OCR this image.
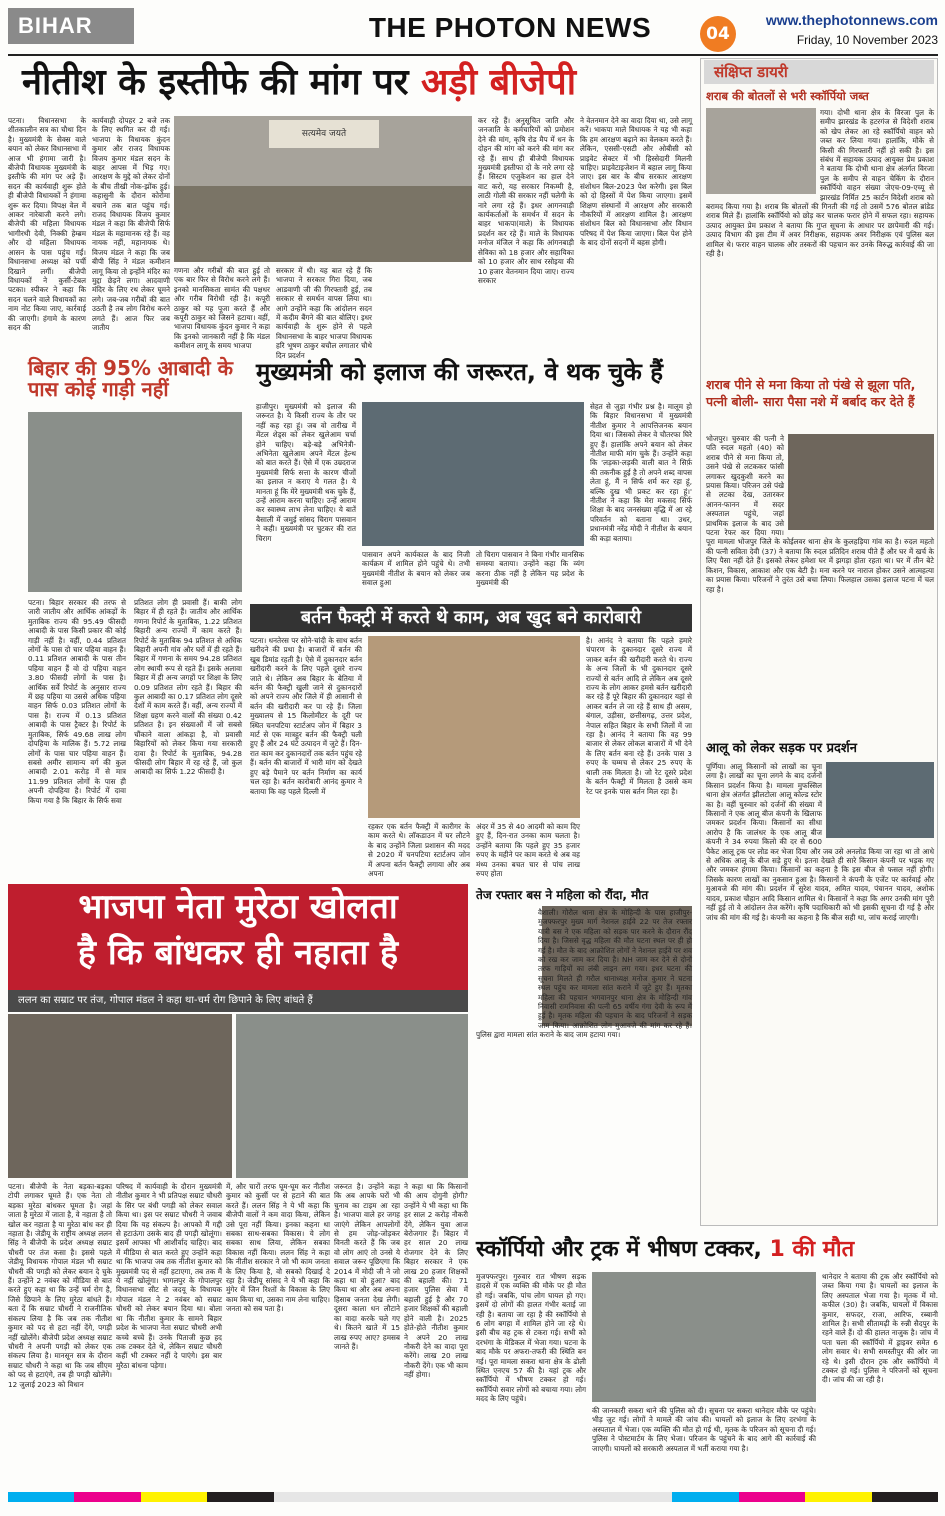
BIHAR	THE PHOTON NEWS	04
www.thephotonnews.com
Friday, 10 November 2023
नीतीश के इस्तीफे की मांग पर अड़ी बीजेपी
पटना। विधानसभा के शीतकालीन सत्र का चौथा दिन है। मुख्यमंत्री के सेक्स वाले बयान को लेकर विधानसभा में आज भी हंगामा जारी है। बीजेपी विधायक मुख्यमंत्री के इस्तीफे की मांग पर अड़े हैं। सदन की कार्यवाही शुरू होते ही बीजेपी विधायकों ने हंगामा शुरू कर दिया। विपक्ष वेल में आकर नारेबाजी करने लगे। बीजेपी की महिला विधायक भागीरथी देवी, निक्की हेम्ब्रम और दो महिला विधायक आसन के पास पहुंच गईं। विधानसभा अध्यक्ष को पर्ची दिखाने लगीं। बीजेपी विधायकों ने कुर्सी-टेबल पटका। स्पीकर ने कहा कि सदन चलने वाले विधायकों का नाम नोट किया जाए, कार्रवाई की जाएगी। हंगामे के कारण सदन की
कार्यवाही दोपहर 2 बजे तक के लिए स्थगित कर दी गई। भाजपा के विधायक कुंदन कुमार और राजद विधायक विजय कुमार मंडल सदन के बाहर आपस में भिड़ गए। आरक्षण के मुद्दे को लेकर दोनों के बीच तीखी नोक-झोंक हुई। कहासुनी के दौरान कोरोमा बचाने तक बात पहुंच गई। राजद विधायक विजय कुमार मंडल ने कहा कि बीजेपी सिर्फ मंडल के महामानक रहे हैं। वह नायक नहीं, महानायक थे। विजय मंडल ने कहा कि जब बीपी सिंह ने मंडल कमीशन लागू किया तो इन्होंने मंदिर का मुद्दा छेड़ने लगा। आदवाणी मंदिर के लिए रथ लेकर घूमने लगे। जब-जब गरीबों की बात उठती है तब लोग विरोध करने लगते हैं। आज फिर जब जातीय
सत्यमेव जयते
गणना और गरीबों की बात हुई तो एक बार फिर से विरोध करने लगे हैं। इनको मानसिकता सामंत की पक्षधर और गरीब विरोधी रही है। कपूरी ठाकुर को यह पूजा करते हैं और कपूरी ठाकुर को जिसने हटाया। वहीं, भाजपा विधायक कुंदन कुमार ने कहा कि इनको जानकारी नहीं है कि मंडल कमीशन लागू के समय भाजपा
सरकार में थी। यह बात रहे हैं कि भाजपा ने सरकार गिरा दिया, जब आडवाणी जी की गिरफ्तारी हुई, तब सरकार से समर्थन वापस लिया था। आगे उन्होंने कहा कि आंदोलन सदन में कदीम बैंगने की बात बोलिए। इधर कार्यवाही के शुरू होने से पहले विधानसभा के बाहर भाजपा विधायक हरि भूषण ठाकुर बचौल लगातार चौथे दिन प्रदर्शन
कर रहे हैं। अनुसूचित जाति और जनजाति के कर्मचारियों को प्रमोशन देने की मांग, कृषि रोड मैप में धन के दोहन की मांग को करने की मांग कर रहे हैं। साथ ही बीजेपी विधायक मुख्यमंत्री इस्तीफा दो के नारे लगा रहे हैं। सिस्टम एजुकेशन का हाल देने वाट करो, यह सरकार निकम्मी है, लाठी गोली की सरकार नहीं चलेगी के नारे लगा रहे हैं। इधर आगनवाड़ी कार्यकर्ताओं के समर्थन में सदन के बाहर भाकपा(माले) के विधायक प्रदर्शन कर रहे हैं। माले के विधायक मनोज मंजिल ने कहा कि आंगनबाड़ी सेविका को 18 हजार और सहायिका को 10 हजार और साथ रसोइया की 10 हजार वेतनमान दिया जाए। राज्य सरकार
ने वेतनमान देने का वादा दिया था, उसे लागू करें। भाकपा माले विधायक ने यह भी कहा कि हम आरक्षण बढ़ाने का वेलकम करते हैं। लेकिन, एससी-एसटी और ओबीसी को प्राइवेट सेक्टर में भी हिस्सेदारी मिलनी चाहिए। प्राइवेटाइजेशन में बहाल लागू किया जाए। इस बार के बीच सरकार आरक्षण संशोधन बिल-2023 पेश करेगी। इस बिल को दो हिस्सों में पेश किया जाएगा। इसमें शिक्षण संस्थानों में आरक्षण और सरकारी नौकरियों में आरक्षण शामिल है। आरक्षण संशोधन बिल को विधानसभा और विधान परिषद में पेश किया जाएगा। बिल पेश होने के बाद दोनों सदनों में बहस होगी।
बिहार की 95% आबादी के पास कोई गाड़ी नहीं
पटना। बिहार सरकार की तरफ से जारी जातीय और आर्थिक आंकड़ों के मुताबिक राज्य की 95.49 फीसदी आबादी के पास किसी प्रकार की कोई गाड़ी नहीं है। वहीं, 0.44 प्रतिशत लोगों के पास दो चार पहिया वाहन हैं। 0.11 प्रतिशत आबादी के पास तीन पहिया वाहन हैं वो दो पहिया वाहन 3.80 फीसदी लोगों के पास है। आर्थिक सर्वे रिपोर्ट के अनुसार राज्य में छह पहिया या उससे अधिक पहिया वाहन सिर्फ 0.03 प्रतिशत लोगों के पास है। राज्य में 0.13 प्रतिशत आबादी के पास ट्रैक्टर है। रिपोर्ट के मुताबिक, सिर्फ 49.68 लाख लोग दोपहिया के मालिक हैं। 5.72 लाख लोगों के पास चार पहिया वाहन हैं। सबसे अमीर सामान्य वर्ग की कुल आबादी 2.01 करोड़ में से मात्र 11.99 प्रतिशत लोगों के पास ही अपनी दोपहिया है। रिपोर्ट में दावा किया गया है कि बिहार के सिर्फ सवा
प्रतिशत लोग ही प्रवासी हैं। बाकी लोग बिहार में ही रहते हैं। जातीय और आर्थिक गणना रिपोर्ट के मुताबिक, 1.22 प्रतिशत बिहारी अन्य राज्यों में काम करते हैं। रिपोर्ट के मुताबिक 94 प्रतिशत से अधिक बिहारी अपनी गांव और घरों में ही रहते हैं। बिहार में गणना के समय 94.28 प्रतिशत लोग स्थायी रूप से रहते हैं। इसके अलावा बिहार में ही अन्य जगहों पर शिक्षा के लिए 0.09 प्रतिशत लोग रहते हैं। बिहार की कुल आबादी का 0.17 प्रतिशत लोग दूसरे देशों में काम करते हैं। वहीं, अन्य राज्यों में शिक्षा ग्रहण करने वालों की संख्या 0.42 प्रतिशत है। इन संख्याओं में जो सबसे चौंकाने वाला आंकड़ा है, वो प्रवासी बिहारियों को लेकर किया गया सरकारी दावा है। रिपोर्ट के मुताबिक, 94.28 फीसदी लोग बिहार में रह रहे हैं, जो कुल आबादी का सिर्फ 1.22 फीसदी है।
मुख्यमंत्री को इलाज की जरूरत, वे थक चुके हैं
हाजीपुर। मुख्यमंत्री को इलाज की जरूरत है। ये किसी राज्य के तौर पर नहीं कह रहा हूं। जब वो तारीख में मेंटल शेड्स को लेकर खुलेआम चर्चा होने चाहिए। बड़े-बड़े अभिनेत्री-अभिनेता खुलेआम अपने मेंटल हेल्थ को बात करते हैं। ऐसे में एक उम्रदराज मुख्यमंत्री सिर्फ सत्ता के कारण चीजों का इलाज न कराए ये गलत है। ये मानता हूं कि मेरे मुख्यमंत्री थक चुके हैं, उन्हें आराम करना चाहिए। उन्हें आराम कर स्वास्थ्य लाभ लेना चाहिए। ये बातें बैसाली में जमुई सांसद चिराग पासवान ने कही। मुख्यमंत्री पर चुटकर की रात चिराग
पासवान अपने कार्यकाल के बाद निजी कार्यक्रम में शामिल होने पहुंचे थे। तभी मुख्यमंत्री नीतीश के बयान को लेकर जब सवाल हुआ
तो चिराग पासवान ने बिना गंभीर मानसिक समस्या बताया। उन्होंने कहा कि व्यंग करना ठीक नहीं है लेकिन यह प्रदेश के मुख्यमंत्री की
सेहत से जुड़ा गंभीर प्रश्न है। मालूम हो कि बिहार विधानसभा में मुख्यमंत्री नीतीश कुमार ने आपत्तिजनक बयान दिया था। जिसको लेकर वे चौतरफा घिरे हुए हैं। हालांकि अपने बयान को लेकर नीतीश माफी मांग चुके हैं। उन्होंने कहा कि 'लड़का-लड़की वाली बात ने सिर्फ़ की तकनीक हुई है तो अपने शब्द वापस लेता हूं, मैं न सिर्फ शर्म कर रहा हूं, बल्कि दुख भी प्रकट कर रहा हूं।' नीतीश ने कहा कि मेरा मकसद सिर्फ शिक्षा के बाद जनसंख्या वृद्धि में आ रहे परिवर्तन को बताना था। उधर, प्रधानमंत्री नरेंद्र मोदी ने नीतीश के बयान की कड़ा बताया।
बर्तन फैक्ट्री में करते थे काम, अब खुद बने कारोबारी
पटना। धनतेरस पर सोने-चांदी के साथ बर्तन खरीदने की प्रथा है। बाजारों में बर्तन की खूब डिमांड रहती है। ऐसे में दुकानदार बर्तन खरीदारी करने के लिए पहले दूसरे राज्य जाते थे। लेकिन अब बिहार के बेतिया में बर्तन की फैक्ट्री खुली जाने से दुकानदारों को अपने राज्य और जिले में ही आसानी से बर्तन की खरीदारी कर पा रहे हैं। जिला मुख्यालय से 15 किलोमीटर के दूरी पर स्थित चनपटिया स्टार्टअप जोन में बिहार 3 मार्ट से एक मात्रहुर बर्तन की फैक्ट्री चली हुए हैं और 24 घंटे उत्पादन में जुटे हैं। दिन-रात काम कर दुकानदारों तक बर्तन पहुंच रहे हैं। बर्तन की बाजारों में भारी मांग को देखते हुए बड़े पैमाने पर बर्तन निर्माण का कार्य चल रहा है। बर्तन कारोबारी आनंद कुमार ने बताया कि वह पहले दिल्ली में
रहकर एक बर्तन फैक्ट्री में कारीगर के काम करते थे। लॉकडाउन में घर लौटने के बाद उन्होंने जिला प्रशासन की मदद से 2020 में चनपटिया स्टार्टअप जोन में अपना बर्तन फैक्ट्री लगाया और अब अपना
अंदर में 35 से 40 आदमी को काम दिए हुए हैं, दिन-रात उनका काम चलता है। उन्होंने बताया कि पहले हुए 35 हजार रुपए के महीने पर काम करते थे अब वह मंथ्य उनका बचत चार से पांच लाख रुपए होता
है। आनंद ने बताया कि पहले हमारे चंपारण के दुकानदार दूसरे राज्य में जाकर बर्तन की खरीदारी करते थे। राज्य के अन्य जिलों के भी दुकानदार दूसरे राज्यों से बर्तन आदि ले लेकिन अब दूसरे राज्य के लोग आकर हमसे बर्तन खरीदारी कर रहे हैं पूरे बिहार की दुकानदार यहां से आकर बर्तन ले जा रहे हैं साथ ही असम, बंगाल, उड़ीसा, छत्तीसगढ़, उत्तर प्रदेश, नेपाल सहित बिहार के सभी जिलों में जा रहा है। आनंद ने बताया कि वह 99 बाजार से लेकर लोकल बाजारों में भी देने के लिए बर्तन बना रहे हैं। उनके पास 3 रुपए के चम्मच से लेकर 25 रुपए के थाली तक मिलता है। जो रेट दूसरे प्रदेश के बर्तन फैक्ट्री में मिलता है उससे कम रेट पर इनके पास बर्तन मिल रहा है।
भाजपा नेता मुरेठा खोलता
है कि बांधकर ही नहाता है
ललन का सम्राट पर तंज, गोपाल मंडल ने कहा था-चर्म रोग छिपाने के लिए बांधते हैं
पटना। बीजेपी के नेता बड़का-बड़का टोपी लगाकर घूमते हैं। एक नेता तो बड़का मुरेठा बांधकर घूमता है। जहां जाता है मुरेठा में जाता है, वे नहाता है तो खोल कर नहाता है या मुरेठा बांध कर ही नहाता है। जेडीयू के राष्ट्रीय अध्यक्ष ललन सिंह ने बीजेपी के प्रदेश अध्यक्ष सम्राट चौधरी पर तंज कसा है। इससे पहले जेडीयू विधायक गोपाल मंडल भी सम्राट चौधरी की पगड़ी को लेकर बयान दे चुके हैं। उन्होंने 2 नवंबर को मीडिया से बात करते हुए कहा था कि उन्हें चर्म रोग है, जिसे छिपाने के लिए मुरेठा बांधते हैं। बता दें कि सम्राट चौधरी ने राजनीतिक संकल्प लिया है कि जब तक नीतीश कुमार को पद से हटा नहीं देंगे, पगड़ी नहीं खोलेंगे। बीजेपी प्रदेश अध्यक्ष सम्राट चौधरी ने अपनी पगड़ी को लेकर एक संकल्प लिया है। मानसून सत्र के दौरान सम्राट चौधरी ने कहा था कि जब सीएम को पद से हटाएंगे, तब ही पगड़ी खोलेंगे। 12 जुलाई 2023 को विधान
परिषद में कार्यवाही के दौरान मुख्यमंत्री नीतीश कुमार ने भी प्रतिपक्ष सम्राट चौधरी के सिर पर बंधी पगड़ी को लेकर सवाल किया था। इस पर सम्राट चौधरी ने जवाब दिया कि यह संकल्प है। आपको मैं गद्दी से हटाऊंगा उसके बाद ही पगड़ी खोलूंगा। इसमें आपका भी आशीर्वाद चाहिए। बाद में मीडिया से बात करते हुए उन्होंने कहा था कि भाजपा जब तक नीतीश कुमार को मुख्यमंत्री पद से नहीं हटाएगा, तब तक मैं ये नहीं खोलूंगा। भागलपुर के गोपालपुर विधानसभा सीट से जदयू के विधायक गोपाल मंडल ने 2 नवंबर को सम्राट चौधरी को लेकर बयान दिया था। बोला था कि नीतीश कुमार के सामने बिहार प्रदेश के भाजपा नेता सम्राट चौधरी अभी कच्चे बच्चे हैं। उनके पिताजी कुछ हद तक टक्कर देते थे, लेकिन सम्राट चौधरी कहीं भी टक्कर नहीं दे पाएंगे। इस बार मुरैठा बांधना पड़ेगा।
में, और चारों तरफ घूम-घूम कर नीतीश कुमार को कुर्सी पर से हटाने की बात करते हैं। ललन सिंह ने ये भी कहा कि बीजेपी वालों ने कम वादा किया, लेकिन उसे पूरा नहीं किया। इनका कहना था सबका साथ-सबका विकास। ये लोग सबका साथ लिया, लेकिन सबका विकास नहीं किया। ललन सिंह ने कहा कि नीतीश सरकार ने जो भी काम जनता के लिए किया है, वो सबको दिखाई दे रहा है। जेडीयू सांसद ने ये भी कहा कि मुंगेर में जिन रिश्तों के विकास के लिए काम किया था, उसका नाम लेना चाहिए। जनता को सब पता है।
जरूरत है। उन्होंने कहा कि अब आपके घरों भी चुनाव का टाइम आ रहा है। भाजपा वाले हर जगह जाएंगे लेकिन आपलोगों से हम जोड़-जोड़कर विनती करते हैं कि जब वो लोग आएं तो उनसे ये सवाल जरूर पूछिएगा कि 2014 में मोदी जी ने जो कहा था वो हुआ? बाद किया था और अब अपना हिसाब जनता देख लेगी। दूसरा काला धन लौटाने का वादा करके चले गए थे। कितने खाते में 15 लाख रुपए आए? हमसब जानते हैं।
ने कहा था कि किसानों की आय दोगुनी होगी? उन्होंने ये भी कहा था कि हर साल 2 करोड़ नौकरी देंगे, लेकिन युवा आज बेरोजगार हैं। बिहार में हर साल 20 लाख रोजगार देने के लिए बिहार सरकार ने एक लाख 20 हजार शिक्षकों की बहाली की। 71 हजार पुलिस सेवा में बहाली हुई है और 70 हजार शिक्षकों की बहाली होने वाली है। 2025 होते-होते नीतीश कुमार ने अपने 20 लाख नौकरी देने का वादा पूरा करेंगे। लाख 20 लाख नौकरी देंगे। एक भी काम नहीं होगा।
तेज रफ्तार बस ने महिला को रौंदा, मौत
वैशाली। गोरौल थाना क्षेत्र के मोहिन्दी के पास हाजीपुर-मुजफ्फरपुर मुख्य मार्ग नेशनल हाईवे 22 पर तेज रफ्तार यात्री बस ने एक महिला को सड़क पार करने के दौरान रौंद दिया है। जिससे वृद्ध महिला की मौत घटना स्थल पर ही हो गई है। मौत के बाद आक्रोशित लोगों ने नेशनल हाईवे पर शव को रख कर जाम कर दिया है। NH जाम कर देने से दोनों तरफ गाड़ियों का लंबी लाइन लग गया। इधर घटना की सूचना मिलते ही गरौल थानाध्यक्ष मनोज कुमार ने घटना स्थल पहुंच कर मामला सांत कराने में जुटे हुए हैं। मृतका महिला की पहचान भगवानपुर थाना क्षेत्र के मोहिन्दी गांव निवासी रामनिवास की पत्नी 65 वर्षीय गंगा देवी के रूप में हुई है। मृतक महिला की पहचान के बाद परिजनों ने सड़क जाम किया। आक्रोशित लोग मुआवजे की मांग कर रहे हैं। पुलिस द्वारा मामला सांत कराने के बाद जाम हटाया गया।
स्कॉर्पियो और ट्रक में भीषण टक्कर, 1 की मौत
मुजफ्फरपुर। गुरुवार रात भीषण सड़क हादसे में एक व्यक्ति की मौके पर ही मौत हो गई। जबकि, पांच लोग घायल हो गए। इसमें दो लोगों की हालत गंभीर बताई जा रही है। बताया जा रहा है की स्कॉर्पियो से 6 लोग बगहा में शामिल होने जा रहे थे। इसी बीच वह ट्रक से टकरा गई। सभी को दरभंगा के मेडिकल में भेजा गया। घटना के बाद मौके पर अफरा-तफरी की स्थिति बन गई। पूरा मामला सकरा थाना क्षेत्र के ढोली स्थित एनएच 57 की है। यहां ट्रक और स्कॉर्पियो में भीषण टक्कर हो गई। स्कॉर्पियो सवार लोगों को बचाया गया। लोग मदद के लिए पहुंचे।
की जानकारी सकरा थाने की पुलिस को दी। सूचना पर सकरा थानेदार मौके पर पहुंचे। भीड़ जुट गई। लोगों ने मामले की जांच की। घायलों को इलाज के लिए दरभंगा के अस्पताल में भेजा। एक व्यक्ति की मौत हो गई थी, मृतक के परिजन को सूचना दी गई। पुलिस ने पोस्टमार्टम के लिए भेजा। परिजन के पहुंचने के बाद आगे की कार्रवाई की जाएगी। घायलों को सरकारी अस्पताल में भर्ती कराया गया है।
थानेदार ने बताया की ट्रक और स्कॉर्पियो को जब्त किया गया है। घायलों का इलाज के लिए अस्पताल भेजा गया है। मृतक में मो. कफील (30) है। जबकि, घायलों में विकास कुमार, सफदर, राजा, आरिफ, रब्बानी शामिल है। सभी सीतामढ़ी के रुन्नी सैदपुर के रहने वाले हैं। दो की हालत नाजुक है। जांच में पता चला की स्कॉर्पियो में ड्राइवर समेत 6 लोग सवार थे। सभी समस्तीपुर की ओर जा रहे थे। इसी दौरान ट्रक और स्कॉर्पियो में टक्कर हो गई। पुलिस ने परिजनों को सूचना दी। जांच की जा रही है।
संक्षिप्त डायरी
शराब की बोतलों से भरी स्कॉर्पियो जब्त
गया। दोभी थाना क्षेत्र के विरजा पुल के समीप झारखंड के हटरगंज से विदेशी शराब को खेप लेकर आ रहे स्कॉर्पियो वाहन को जब्त कर लिया गया। हालांकि, मौके से किसी की गिरफ्तारी नहीं हो सकी है। इस संबंध में सहायक उत्पाद आयुक्त प्रेम प्रकाश ने बताया कि दोभी थाना क्षेत्र अंतर्गत विरजा पुल के समीप से वाहन चेकिंग के दौरान स्कॉर्पियो वाहन संख्या जेएच-09-एच्यू से झारखंड निर्मित 25 कार्टन विदेशी शराब को बरामद किया गया है। शराब कि बोतलों की गिनती की गई तो उसमें 576 बोतल ब्रांडेड शराब मिले हैं। हालांकि स्कॉर्पियो को छोड़ कर चालक फरार होने में सफल रहा। सहायक उत्पाद आयुक्त प्रेम प्रकाश ने बताया कि गुप्त सूचना के आधार पर छापेमारी की गई। उत्पाद विभाग की इस टीम में अवर निरीक्षक, सहायक अवर निरीक्षक एवं पुलिस बल शामिल थे। फरार वाहन चालक और तस्करों की पहचान कर उनके विरुद्ध कार्रवाई की जा रही है।
शराब पीने से मना किया तो पंखे से झूला पति, पत्नी बोली- सारा पैसा नशे में बर्बाद कर देते हैं
भोजपुर। चुरुवार की पत्नी ने पति रुदल महतो (40) को शराब पीने से मना किया तो, उसने पंखे से लटककर फांसी लगाकर खुदकुशी करने का प्रयास किया। परिजन उसे पंखे से लटका देख, उतारकर आनन-फानन में सदर अस्पताल पहुंचे, जहां प्राथमिक इलाज के बाद उसे पटना रेफर कर दिया गया। पूरा मामला भोजपुर जिले के कोईलवर थाना क्षेत्र के कुलहड़िया गांव का है। रुदल महतो की पत्नी सविता देवी (37) ने बताया कि रुदल प्रतिदिन शराब पीते हैं और घर में खर्च के लिए पैसा नहीं देते हैं। इसको लेकर हमेशा घर में झगड़ा होता रहता था। घर में तीन बेटे किशन, विकास, आकाश और एक बेटी है। मना करने पर नाराज होकर उसने आत्महत्या का प्रयास किया। परिजनों ने तुरंत उसे बचा लिया। फिलहाल उसका इलाज पटना में चल रहा है।
आलू को लेकर सड़क पर प्रदर्शन
पूर्णिया। आलू किसानों को लाखों का चूना लगा है। लाखों का चूना लगने के बाद दर्जनों किसान प्रदर्शन किया है। मामला मुफस्सिल थाना क्षेत्र अंतर्गत झीलटोला आलू कोल्ड स्टोर का है। वहीं चुरुवार को दर्जनों की संख्या में किसानों ने एक आलू बीज कंपनी के खिलाफ जमकर प्रदर्शन किया। किसानों का सीधा आरोप है कि जालंधर के एक आलू बीज कंपनी ने 34 रुपया किलो की दर से 600 पैकेट आलू ट्रक पर लोड कर भेजा दिया और जब उसे अनलोड किया जा रहा था तो आधे से अधिक आलू के बीज सड़े हुए थे। इतना देखते ही सारे किसान कंपनी पर भड़क गए और जमकर हंगामा किया। किसानों का कहना है कि इस बीज से फसल नहीं होगी। जिसके कारण लाखों का नुकसान हुआ है। किसानों ने कंपनी के एजेंट पर कार्रवाई और मुआवजे की मांग की। प्रदर्शन में सुरेश यादव, अमित यादव, पंचानन यादव, अशोक यादव, प्रकाश चौहान आदि किसान शामिल थे। किसानों ने कहा कि अगर उनकी मांग पूरी नहीं हुई तो वे आंदोलन तेज करेंगे। कृषि पदाधिकारी को भी इसकी सूचना दी गई है और जांच की मांग की गई है। कंपनी का कहना है कि बीज सही था, जांच कराई जाएगी।
